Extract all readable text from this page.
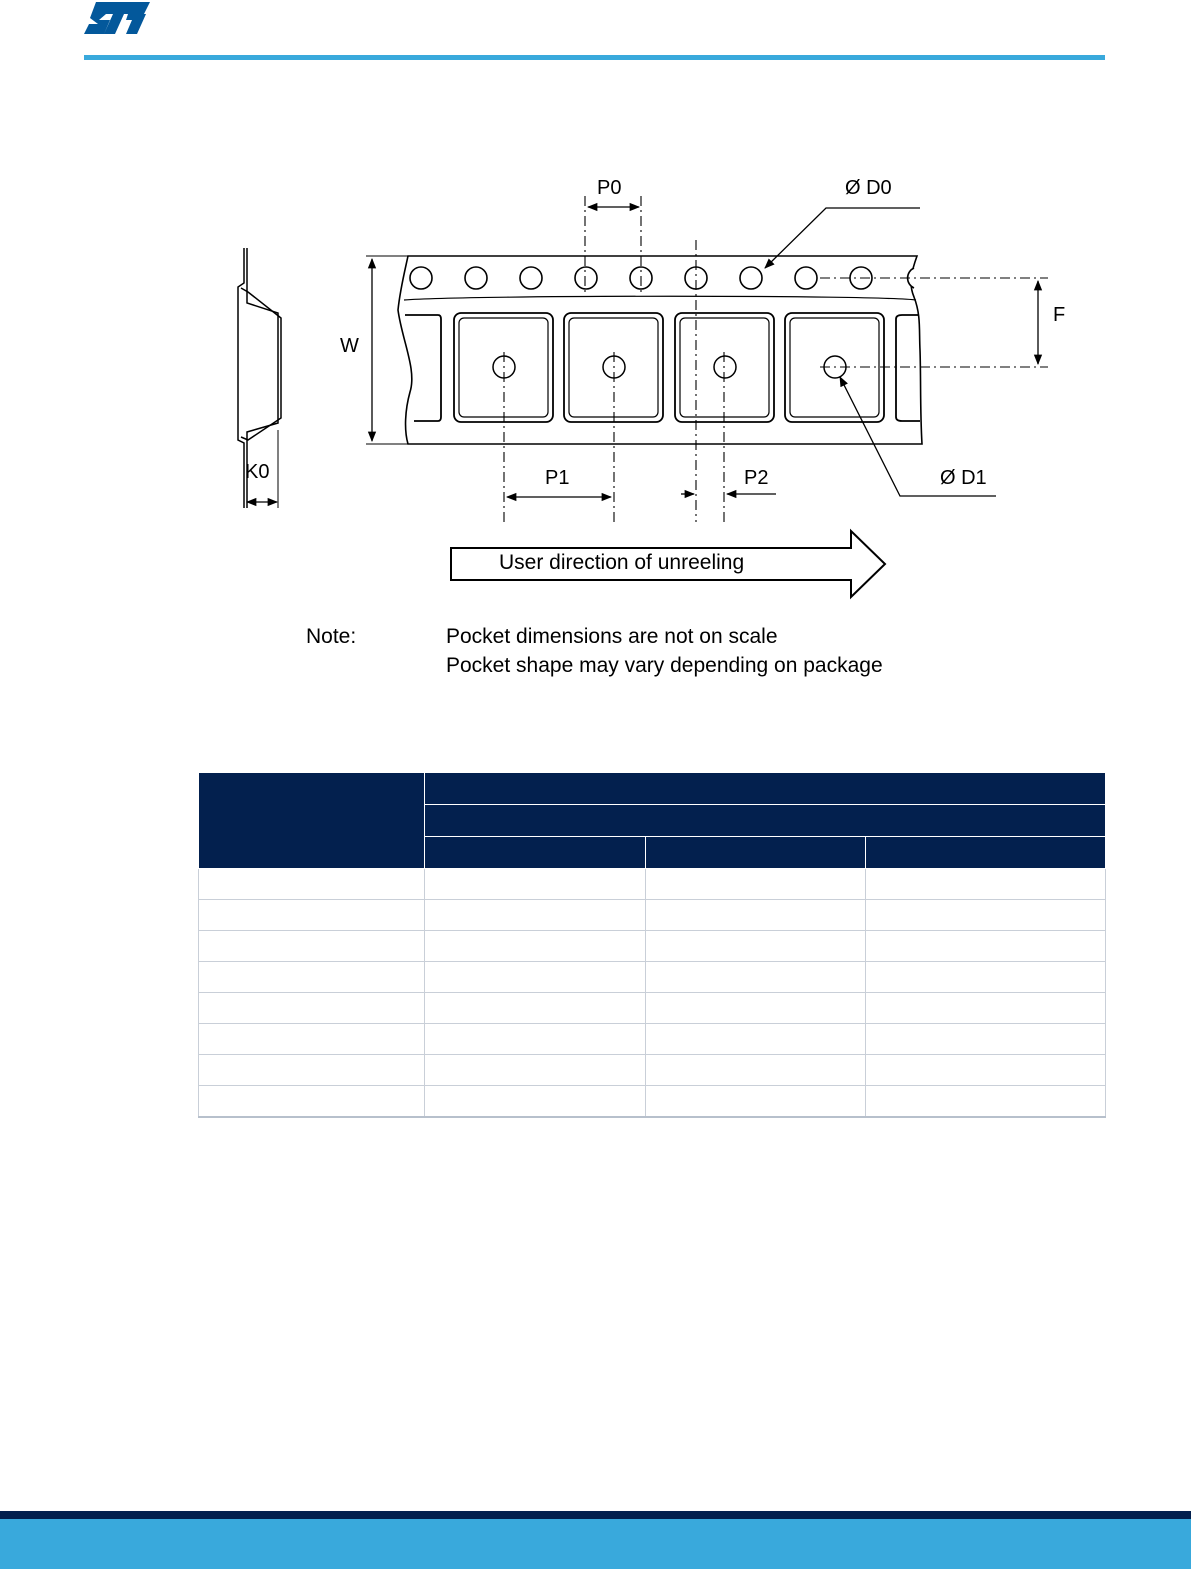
K0
P0	Ø D0
W
F
P1	P2	Ø D1
User direction of unreeling
Note:	Pocket dimensions are not on scale
Pocket shape may vary depending on package
